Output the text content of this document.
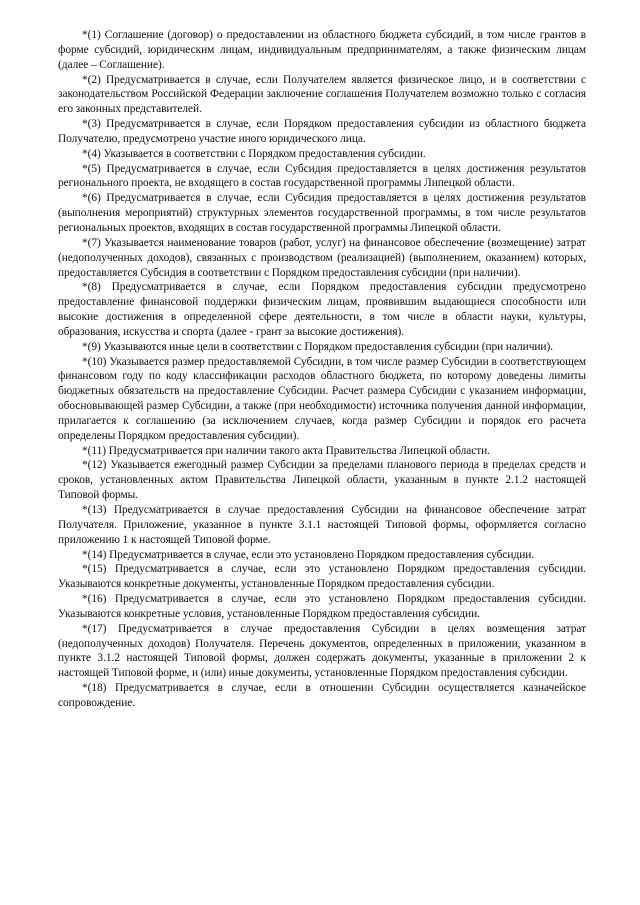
*(1) Соглашение (договор) о предоставлении из областного бюджета субсидий, в том числе грантов в форме субсидий, юридическим лицам, индивидуальным предпринимателям, а также физическим лицам (далее – Соглашение).

*(2) Предусматривается в случае, если Получателем является физическое лицо, и в соответствии с законодательством Российской Федерации заключение соглашения Получателем возможно только с согласия его законных представителей.

*(3) Предусматривается в случае, если Порядком предоставления субсидии из областного бюджета Получателю, предусмотрено участие иного юридического лица.

*(4) Указывается в соответствии с Порядком предоставления субсидии.

*(5) Предусматривается в случае, если Субсидия предоставляется в целях достижения результатов регионального проекта, не входящего в состав государственной программы Липецкой области.

*(6) Предусматривается в случае, если Субсидия предоставляется в целях достижения результатов (выполнения мероприятий) структурных элементов государственной программы, в том числе результатов региональных проектов, входящих в состав государственной программы Липецкой области.

*(7) Указывается наименование товаров (работ, услуг) на финансовое обеспечение (возмещение) затрат (недополученных доходов), связанных с производством (реализацией) (выполнением, оказанием) которых, предоставляется Субсидия в соответствии с Порядком предоставления субсидии (при наличии).

*(8) Предусматривается в случае, если Порядком предоставления субсидии предусмотрено предоставление финансовой поддержки физическим лицам, проявившим выдающиеся способности или высокие достижения в определенной сфере деятельности, в том числе в области науки, культуры, образования, искусства и спорта (далее - грант за высокие достижения).

*(9) Указываются иные цели в соответствии с Порядком предоставления субсидии (при наличии).

*(10) Указывается размер предоставляемой Субсидии, в том числе размер Субсидии в соответствующем финансовом году по коду классификации расходов областного бюджета, по которому доведены лимиты бюджетных обязательств на предоставление Субсидии. Расчет размера Субсидии с указанием информации, обосновывающей размер Субсидии, а также (при необходимости) источника получения данной информации, прилагается к соглашению (за исключением случаев, когда размер Субсидии и порядок его расчета определены Порядком предоставления субсидии).

*(11) Предусматривается при наличии такого акта Правительства Липецкой области.

*(12) Указывается ежегодный размер Субсидии за пределами планового периода в пределах средств и сроков, установленных актом Правительства Липецкой области, указанным в пункте 2.1.2 настоящей Типовой формы.

*(13) Предусматривается в случае предоставления Субсидии на финансовое обеспечение затрат Получателя. Приложение, указанное в пункте 3.1.1 настоящей Типовой формы, оформляется согласно приложению 1 к настоящей Типовой форме.

*(14) Предусматривается в случае, если это установлено Порядком предоставления субсидии.

*(15) Предусматривается в случае, если это установлено Порядком предоставления субсидии. Указываются конкретные документы, установленные Порядком предоставления субсидии.

*(16) Предусматривается в случае, если это установлено Порядком предоставления субсидии. Указываются конкретные условия, установленные Порядком предоставления субсидии.

*(17) Предусматривается в случае предоставления Субсидии в целях возмещения затрат (недополученных доходов) Получателя. Перечень документов, определенных в приложении, указанном в пункте 3.1.2 настоящей Типовой формы, должен содержать документы, указанные в приложении 2 к настоящей Типовой форме, и (или) иные документы, установленные Порядком предоставления субсидии.

*(18) Предусматривается в случае, если в отношении Субсидии осуществляется казначейское сопровождение.
